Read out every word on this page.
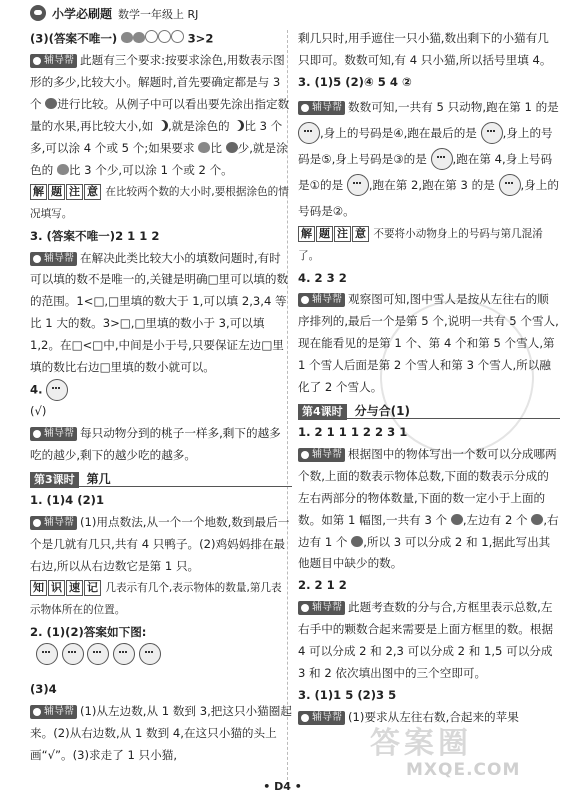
小学必刷题 数学一年级上 RJ

(3)(答案不唯一)	3>2

辅导帮 此题有三个要求:按要求涂色,用数表示图形的多少,比较大小。解题时,首先要确定都是与 3 个 进行比较。从例子中可以看出要先涂出指定数量的水果,再比较大小,如 ,就是涂色的 比 3 个多,可以涂 4 个或 5 个;如果要求 比 少,就是涂色的 比 3 个少,可以涂 1 个或 2 个。

解 题 注 意 在比较两个数的大小时,要根据涂色的情况填写。

3. (答案不唯一)2 1 1 2

辅导帮 在解决此类比较大小的填数问题时,有时可以填的数不是唯一的,关键是明确□里可以填的数的范围。1<□,□里填的数大于 1,可以填 2,3,4 等比 1 大的数。3>□,□里填的数小于 3,可以填 1,2。在□<□中,中间是小于号,只要保证左边□里填的数比右边□里填的数小就可以。

4.

(√)

辅导帮 每只动物分到的桃子一样多,剩下的越多吃的越少,剩下的越少吃的越多。

第3课时 第几

1. (1)4 (2)1

辅导帮 (1)用点数法,从一个一个地数,数到最后一个是几就有几只,共有 4 只鸭子。(2)鸡妈妈排在最右边,所以从右边数它是第 1 只。

知 识 速 记 几表示有几个,表示物体的数量,第几表示物体所在的位置。

2. (1)(2)答案如下图:

(3)4

辅导帮 (1)从左边数,从 1 数到 3,把这只小猫圈起来。(2)从右边数,从 1 数到 4,在这只小猫的头上画“√”。(3)求走了 1 只小猫,

剩几只时,用手遮住一只小猫,数出剩下的小猫有几只即可。数数可知,有 4 只小猫,所以括号里填 4。

3. (1)5 (2)④ 5 4 ②

辅导帮 数数可知,一共有 5 只动物,跑在第 1 的是 ,身上的号码是④,跑在最后的是 ,身上的号码是⑤,身上号码是③的是 ,跑在第 4,身上号码是①的是 ,跑在第 2,跑在第 3 的是 ,身上的号码是②。

解 题 注 意 不要将小动物身上的号码与第几混淆了。

4. 2 3 2

辅导帮 观察图可知,图中雪人是按从左往右的顺序排列的,最后一个是第 5 个,说明一共有 5 个雪人,现在能看见的是第 1 个、第 4 个和第 5 个雪人,第 1 个雪人后面是第 2 个雪人和第 3 个雪人,所以融化了 2 个雪人。

第4课时 分与合(1)

1. 2 1 1 1 2 2 3 1

辅导帮 根据图中的物体写出一个数可以分成哪两个数,上面的数表示物体总数,下面的数表示分成的左右两部分的物体数量,下面的数一定小于上面的数。如第 1 幅图,一共有 3 个 ,左边有 2 个 ,右边有 1 个 ,所以 3 可以分成 2 和 1,据此写出其他题目中缺少的数。

2. 2 1 2

辅导帮 此题考查数的分与合,方框里表示总数,左右手中的颗数合起来需要是上面方框里的数。根据 4 可以分成 2 和 2,3 可以分成 2 和 1,5 可以分成 3 和 2 依次填出图中的三个空即可。

3. (1)1 5 (2)3 5

辅导帮 (1)要求从左往右数,合起来的苹果

答案圈
MXQE.COM
• D4 •
